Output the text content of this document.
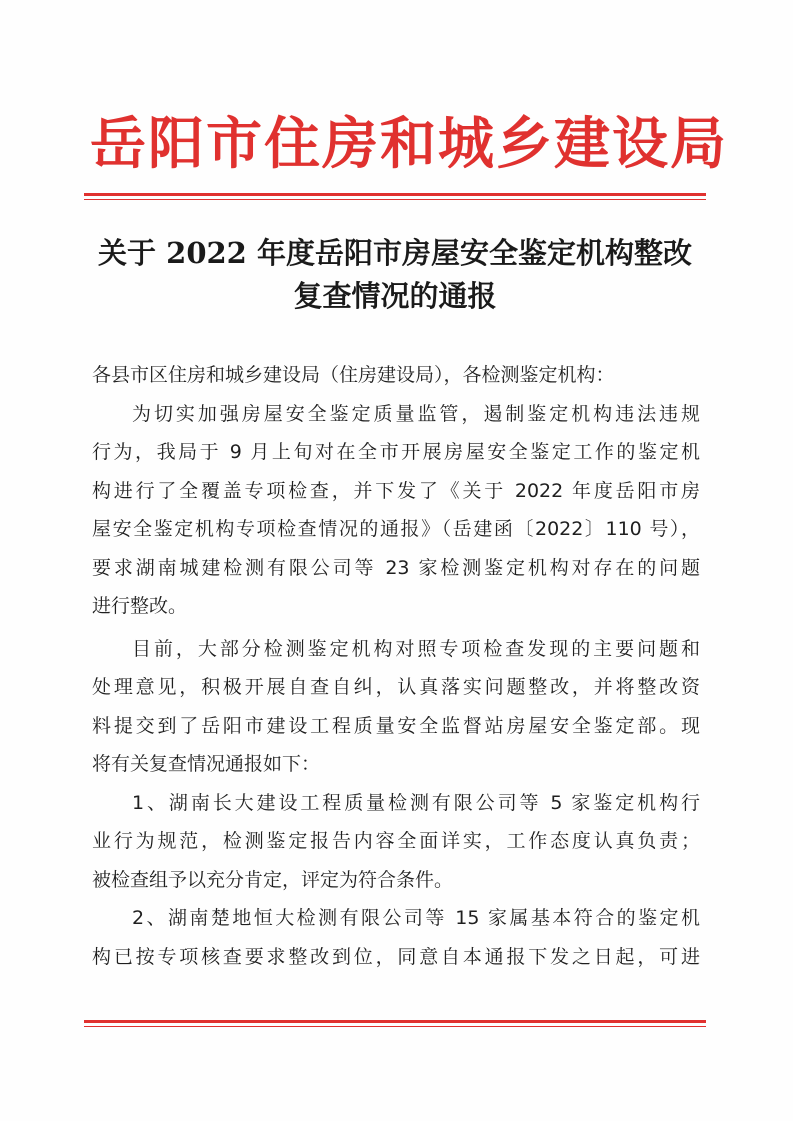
岳阳市住房和城乡建设局
关于 2022 年度岳阳市房屋安全鉴定机构整改
复查情况的通报
各县市区住房和城乡建设局（住房建设局），各检测鉴定机构：
为切实加强房屋安全鉴定质量监管，遏制鉴定机构违法违规
行为，我局于 9 月上旬对在全市开展房屋安全鉴定工作的鉴定机
构进行了全覆盖专项检查，并下发了《关于 2022 年度岳阳市房
屋安全鉴定机构专项检查情况的通报》（岳建函〔2022〕110 号），
要求湖南城建检测有限公司等 23 家检测鉴定机构对存在的问题
进行整改。
目前，大部分检测鉴定机构对照专项检查发现的主要问题和
处理意见，积极开展自查自纠，认真落实问题整改，并将整改资
料提交到了岳阳市建设工程质量安全监督站房屋安全鉴定部。现
将有关复查情况通报如下：
1、湖南长大建设工程质量检测有限公司等 5 家鉴定机构行
业行为规范，检测鉴定报告内容全面详实，工作态度认真负责；
被检查组予以充分肯定，评定为符合条件。
2、湖南楚地恒大检测有限公司等 15 家属基本符合的鉴定机
构已按专项核查要求整改到位，同意自本通报下发之日起，可进
